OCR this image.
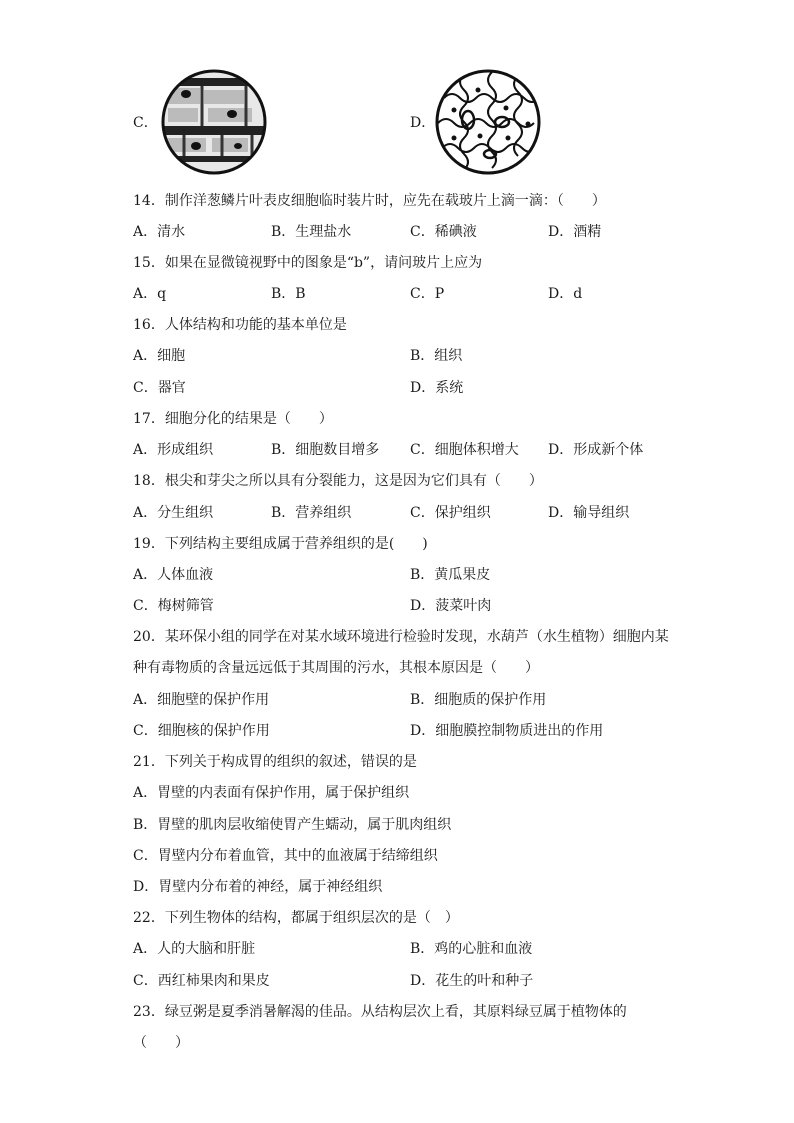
C．	D．
14．制作洋葱鳞片叶表皮细胞临时装片时，应先在载玻片上滴一滴：（　　）
A．清水	B．生理盐水	C．稀碘液	D．酒精
15．如果在显微镜视野中的图象是“b”，请问玻片上应为
A．q	B．B	C．P	D．d
16．人体结构和功能的基本单位是
A．细胞	B．组织
C．器官	D．系统
17．细胞分化的结果是（　　）
A．形成组织	B．细胞数目增多 C．细胞体积增大 D．形成新个体
18．根尖和芽尖之所以具有分裂能力，这是因为它们具有（　　）
A．分生组织	B．营养组织	C．保护组织	D．输导组织
19．下列结构主要组成属于营养组织的是(　　)
A．人体血液	B．黄瓜果皮
C．梅树筛管	D．菠菜叶肉
20．某环保小组的同学在对某水域环境进行检验时发现，水葫芦（水生植物）细胞内某
种有毒物质的含量远远低于其周围的污水，其根本原因是（　　）
A．细胞壁的保护作用	B．细胞质的保护作用
C．细胞核的保护作用	D．细胞膜控制物质进出的作用
21．下列关于构成胃的组织的叙述，错误的是
A．胃壁的内表面有保护作用，属于保护组织
B．胃壁的肌肉层收缩使胃产生蠕动，属于肌肉组织
C．胃壁内分布着血管，其中的血液属于结缔组织
D．胃壁内分布着的神经，属于神经组织
22．下列生物体的结构，都属于组织层次的是（　）
A．人的大脑和肝脏	B．鸡的心脏和血液
C．西红柿果肉和果皮	D．花生的叶和种子
23．绿豆粥是夏季消暑解渴的佳品。从结构层次上看，其原料绿豆属于植物体的
（　　）
